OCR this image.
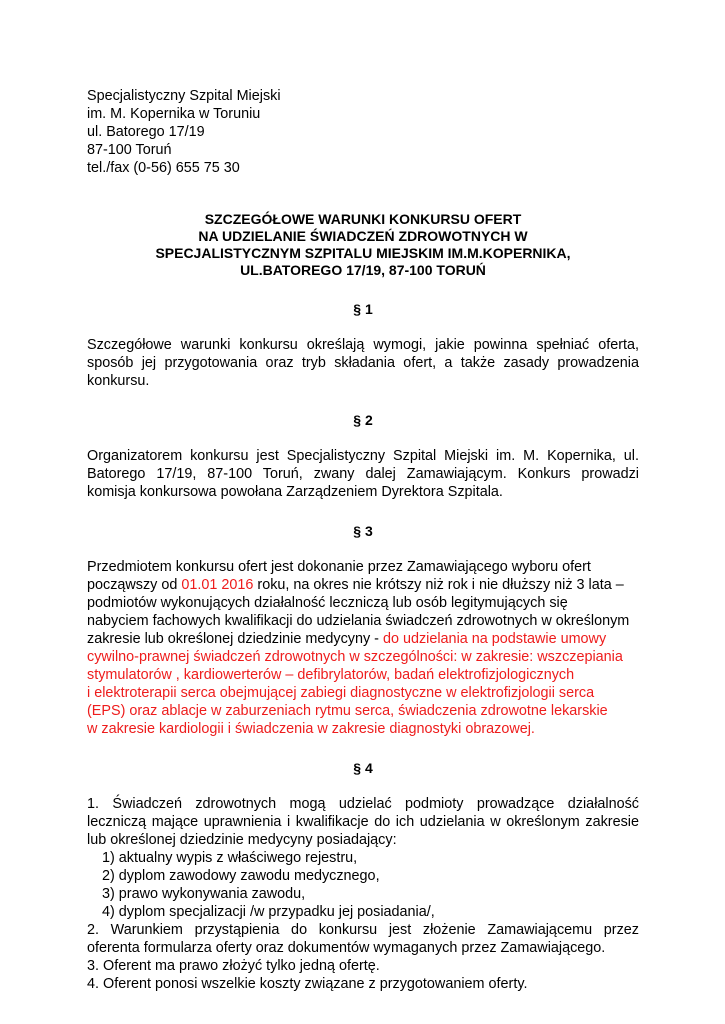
Specjalistyczny Szpital Miejski
im. M. Kopernika w Toruniu
ul. Batorego 17/19
87-100 Toruń
tel./fax (0-56) 655 75 30
SZCZEGÓŁOWE WARUNKI KONKURSU OFERT
NA UDZIELANIE ŚWIADCZEŃ ZDROWOTNYCH W
SPECJALISTYCZNYM SZPITALU MIEJSKIM IM.M.KOPERNIKA,
UL.BATOREGO 17/19, 87-100 TORUŃ
§ 1
Szczegółowe warunki konkursu określają wymogi, jakie powinna spełniać oferta,
sposób jej przygotowania oraz tryb składania ofert, a także zasady prowadzenia
konkursu.
§ 2
Organizatorem konkursu jest Specjalistyczny Szpital Miejski im. M. Kopernika, ul.
Batorego 17/19, 87-100 Toruń, zwany dalej Zamawiającym. Konkurs prowadzi
komisja konkursowa powołana Zarządzeniem Dyrektora Szpitala.
§ 3
Przedmiotem konkursu ofert jest dokonanie przez Zamawiającego wyboru ofert
począwszy od 01.01 2016 roku, na okres nie krótszy niż rok i nie dłuższy niż 3 lata –
podmiotów wykonujących działalność leczniczą lub osób legitymujących się
nabyciem fachowych kwalifikacji do udzielania świadczeń zdrowotnych w określonym
zakresie lub określonej dziedzinie medycyny - do udzielania na podstawie umowy
cywilno-prawnej świadczeń zdrowotnych w szczególności: w zakresie: wszczepiania
stymulatorów , kardiowerterów – defibrylatorów, badań elektrofizjologicznych
i elektroterapii serca obejmującej zabiegi diagnostyczne w elektrofizjologii serca
(EPS) oraz ablacje w zaburzeniach rytmu serca, świadczenia zdrowotne lekarskie
w zakresie kardiologii i świadczenia w zakresie diagnostyki obrazowej.
§ 4
1. Świadczeń zdrowotnych mogą udzielać podmioty prowadzące działalność
leczniczą mające uprawnienia i kwalifikacje do ich udzielania w określonym zakresie
lub określonej dziedzinie medycyny posiadający:
1) aktualny wypis z właściwego rejestru,
2) dyplom zawodowy zawodu medycznego,
3) prawo wykonywania zawodu,
4) dyplom specjalizacji /w przypadku jej posiadania/,
2. Warunkiem przystąpienia do konkursu jest złożenie Zamawiającemu przez
oferenta formularza oferty oraz dokumentów wymaganych przez Zamawiającego.
3. Oferent ma prawo złożyć tylko jedną ofertę.
4. Oferent ponosi wszelkie koszty związane z przygotowaniem oferty.
